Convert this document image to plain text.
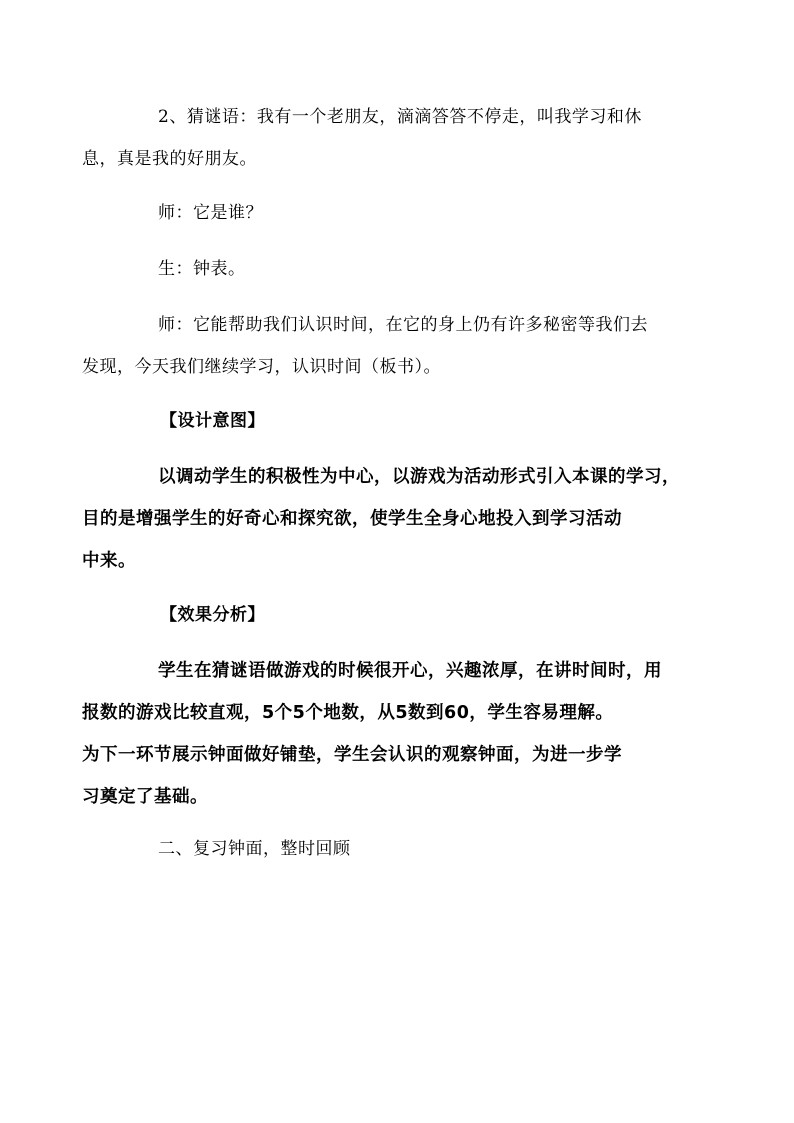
2、猜谜语：我有一个老朋友，滴滴答答不停走，叫我学习和休
息，真是我的好朋友。
师：它是谁？
生：钟表。
师：它能帮助我们认识时间，在它的身上仍有许多秘密等我们去
发现，今天我们继续学习，认识时间（板书）。
【设计意图】
以调动学生的积极性为中心，以游戏为活动形式引入本课的学习，
目的是增强学生的好奇心和探究欲，使学生全身心地投入到学习活动
中来。
【效果分析】
学生在猜谜语做游戏的时候很开心，兴趣浓厚，在讲时间时，用
报数的游戏比较直观，5个5个地数，从5数到60，学生容易理解。
为下一环节展示钟面做好铺垫，学生会认识的观察钟面，为进一步学
习奠定了基础。
二、复习钟面，整时回顾
